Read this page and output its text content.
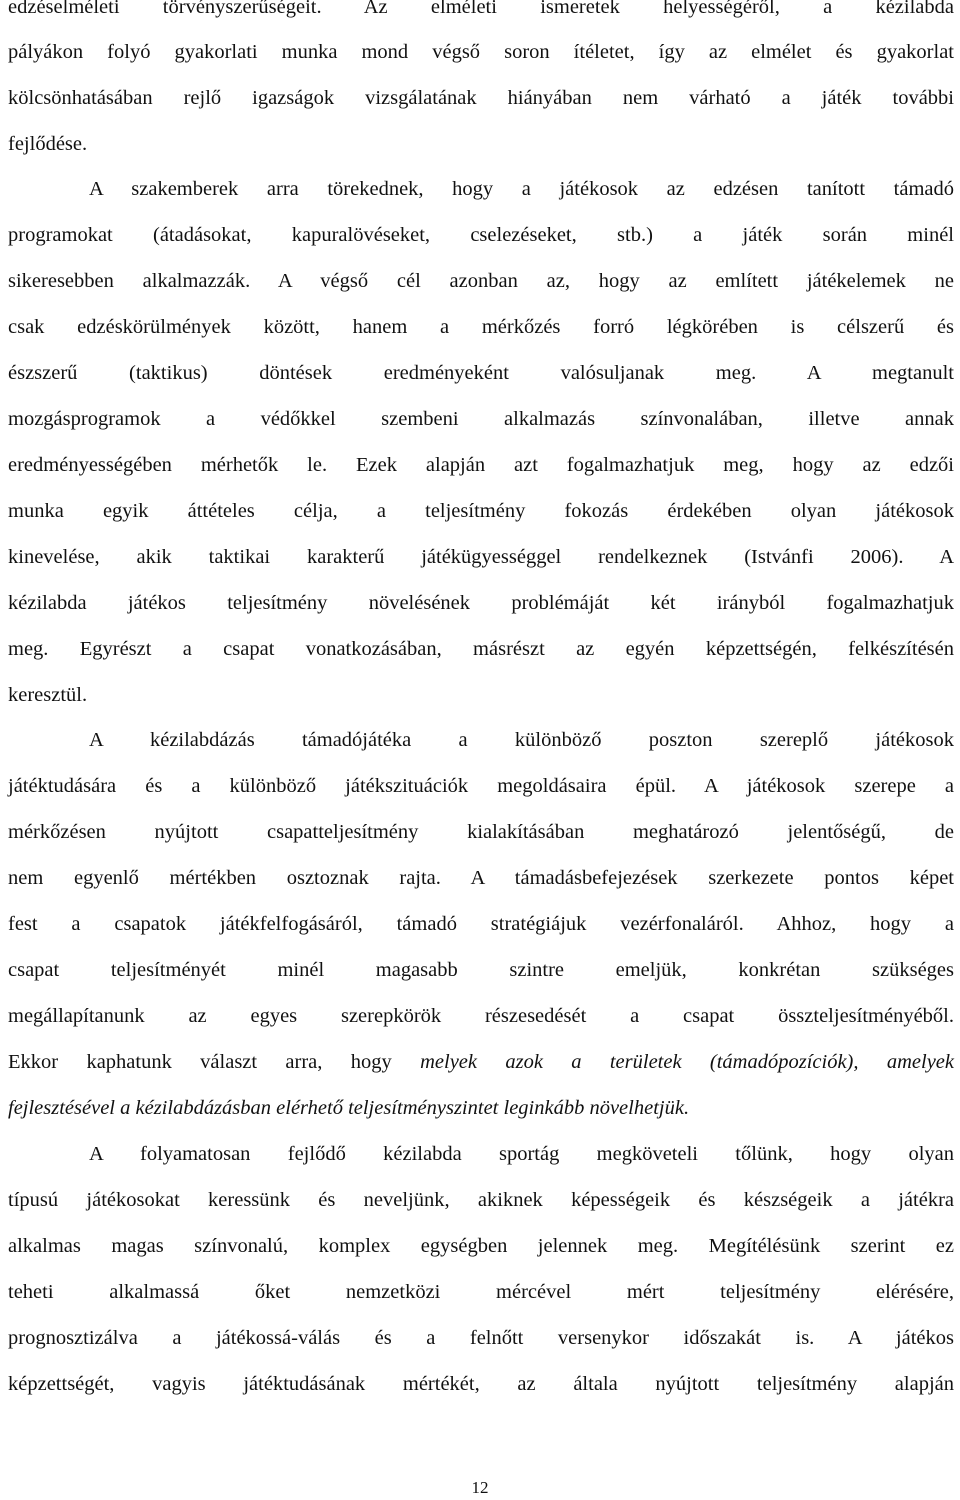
edzéselméleti törvényszerűségeit. Az elméleti ismeretek helyességéről, a kézilabda
pályákon folyó gyakorlati munka mond végső soron ítéletet, így az elmélet és gyakorlat
kölcsönhatásában rejlő igazságok vizsgálatának hiányában nem várható a játék további
fejlődése.
A szakemberek arra törekednek, hogy a játékosok az edzésen tanított támadó
programokat (átadásokat, kapuralövéseket, cselezéseket, stb.) a játék során minél
sikeresebben alkalmazzák. A végső cél azonban az, hogy az említett játékelemek ne
csak edzéskörülmények között, hanem a mérkőzés forró légkörében is célszerű és
észszerű (taktikus) döntések eredményeként valósuljanak meg. A megtanult
mozgásprogramok a védőkkel szembeni alkalmazás színvonalában, illetve annak
eredményességében mérhetők le. Ezek alapján azt fogalmazhatjuk meg, hogy az edzői
munka egyik áttételes célja, a teljesítmény fokozás érdekében olyan játékosok
kinevelése, akik taktikai karakterű játékügyességgel rendelkeznek (Istvánfi 2006). A
kézilabda játékos teljesítmény növelésének problémáját két irányból fogalmazhatjuk
meg. Egyrészt a csapat vonatkozásában, másrészt az egyén képzettségén, felkészítésén
keresztül.
A kézilabdázás támadójátéka a különböző poszton szereplő játékosok
játéktudására és a különböző játékszituációk megoldásaira épül. A játékosok szerepe a
mérkőzésen nyújtott csapatteljesítmény kialakításában meghatározó jelentőségű, de
nem egyenlő mértékben osztoznak rajta. A támadásbefejezések szerkezete pontos képet
fest a csapatok játékfelfogásáról, támadó stratégiájuk vezérfonaláról. Ahhoz, hogy a
csapat teljesítményét minél magasabb szintre emeljük, konkrétan szükséges
megállapítanunk az egyes szerepkörök részesedését a csapat összteljesítményéből.
Ekkor kaphatunk választ arra, hogy melyek azok a területek (támadópozíciók), amelyek
fejlesztésével a kézilabdázásban elérhető teljesítményszintet leginkább növelhetjük.
A folyamatosan fejlődő kézilabda sportág megköveteli tőlünk, hogy olyan
típusú játékosokat keressünk és neveljünk, akiknek képességeik és készségeik a játékra
alkalmas magas színvonalú, komplex egységben jelennek meg. Megítélésünk szerint ez
teheti alkalmassá őket nemzetközi mércével mért teljesítmény elérésére,
prognosztizálva a játékossá-válás és a felnőtt versenykor időszakát is. A játékos
képzettségét, vagyis játéktudásának mértékét, az általa nyújtott teljesítmény alapján
12
